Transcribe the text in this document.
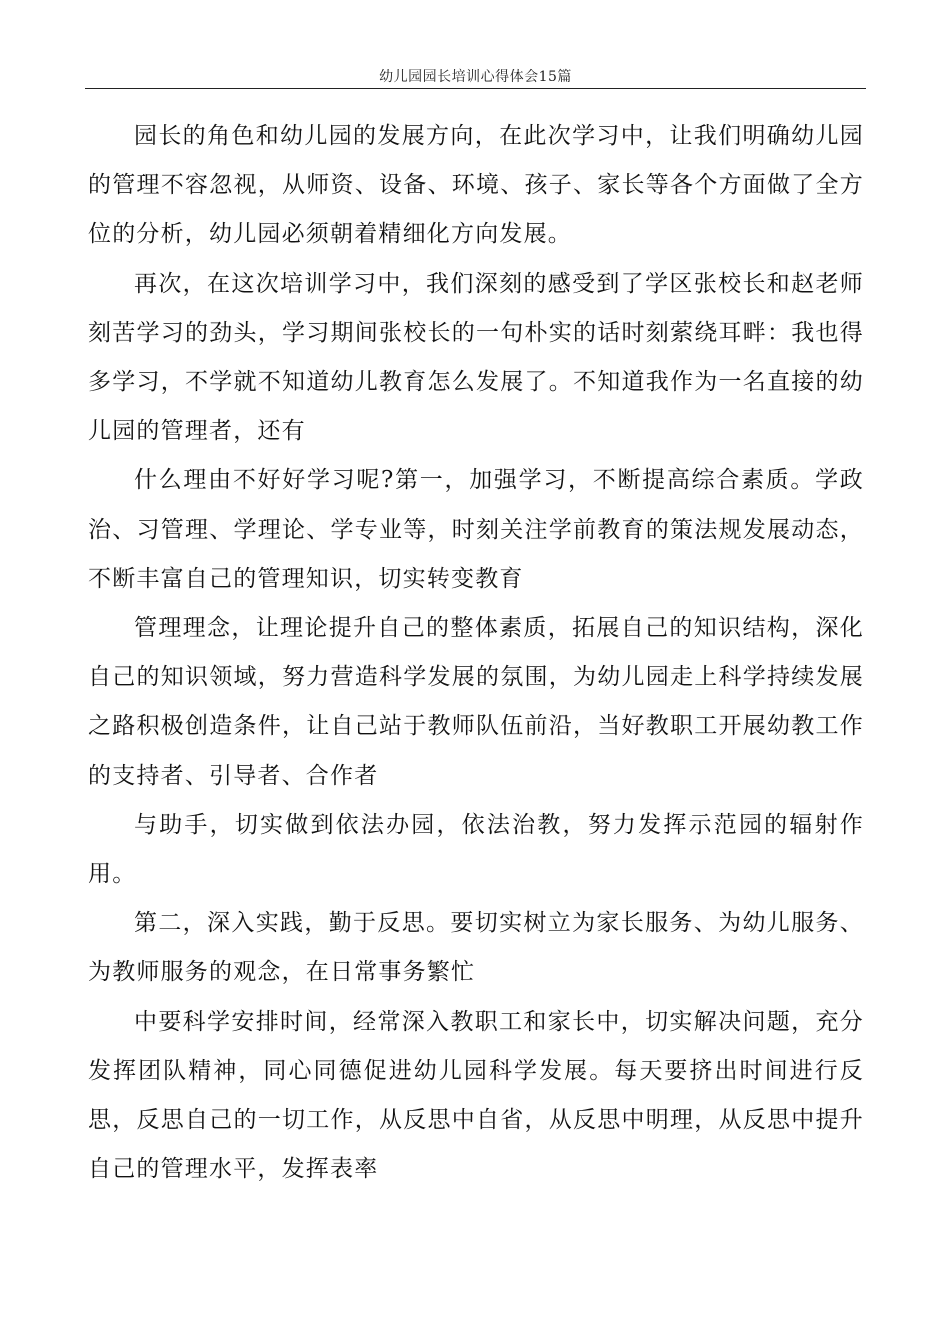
幼儿园园长培训心得体会15篇

园长的角色和幼儿园的发展方向，在此次学习中，让我们明确幼儿园的管理不容忽视，从师资、设备、环境、孩子、家长等各个方面做了全方位的分析，幼儿园必须朝着精细化方向发展。

再次，在这次培训学习中，我们深刻的感受到了学区张校长和赵老师刻苦学习的劲头，学习期间张校长的一句朴实的话时刻萦绕耳畔：我也得多学习，不学就不知道幼儿教育怎么发展了。不知道我作为一名直接的幼儿园的管理者，还有

什么理由不好好学习呢?第一，加强学习，不断提高综合素质。学政治、习管理、学理论、学专业等，时刻关注学前教育的策法规发展动态，不断丰富自己的管理知识，切实转变教育

管理理念，让理论提升自己的整体素质，拓展自己的知识结构，深化自己的知识领域，努力营造科学发展的氛围，为幼儿园走上科学持续发展之路积极创造条件，让自己站于教师队伍前沿，当好教职工开展幼教工作的支持者、引导者、合作者

与助手，切实做到依法办园，依法治教，努力发挥示范园的辐射作用。

第二，深入实践，勤于反思。要切实树立为家长服务、为幼儿服务、为教师服务的观念，在日常事务繁忙

中要科学安排时间，经常深入教职工和家长中，切实解决问题，充分发挥团队精神，同心同德促进幼儿园科学发展。每天要挤出时间进行反思，反思自己的一切工作，从反思中自省，从反思中明理，从反思中提升自己的管理水平，发挥表率
